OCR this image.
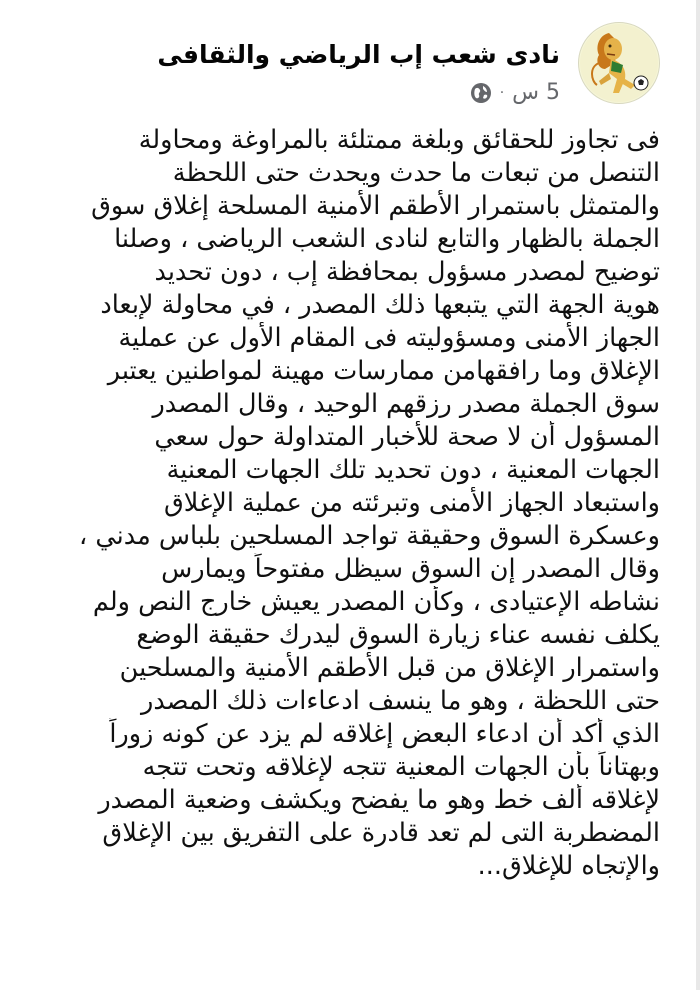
نادى شعب إب الرياضي والثقافى
5 س
·
فى تجاوز للحقائق وبلغة ممتلئة بالمراوغة ومحاولة
التنصل من تبعات ما حدث ويحدث حتى اللحظة
والمتمثل باستمرار الأطقم الأمنية المسلحة إغلاق سوق
الجملة بالظهار والتابع لنادى الشعب الرياضى ، وصلنا
توضيح لمصدر مسؤول بمحافظة إب ، دون تحديد
هوية الجهة التي يتبعها ذلك المصدر ، في محاولة لإبعاد
الجهاز الأمنى ومسؤوليته فى المقام الأول عن عملية
الإغلاق وما رافقهامن ممارسات مهينة لمواطنين يعتبر
سوق الجملة مصدر رزقهم الوحيد ، وقال المصدر
المسؤول أن لا صحة للأخبار المتداولة حول سعي
الجهات المعنية ، دون تحديد تلك الجهات المعنية
واستبعاد الجهاز الأمنى وتبرئته من عملية الإغلاق
وعسكرة السوق وحقيقة تواجد المسلحين بلباس مدني ،
وقال المصدر إن السوق سيظل مفتوحاً ويمارس
نشاطه الإعتيادى ، وكأن المصدر يعيش خارج النص ولم
يكلف نفسه عناء زيارة السوق ليدرك حقيقة الوضع
واستمرار الإغلاق من قبل الأطقم الأمنية والمسلحين
حتى اللحظة ، وهو ما ينسف ادعاءات ذلك المصدر
الذي أكد أن ادعاء البعض إغلاقه لم يزد عن كونه زوراً
وبهتاناً بأن الجهات المعنية تتجه لإغلاقه وتحت تتجه
لإغلاقه ألف خط وهو ما يفضح ويكشف وضعية المصدر
المضطربة التى لم تعد قادرة على التفريق بين الإغلاق
والإتجاه للإغلاق...
